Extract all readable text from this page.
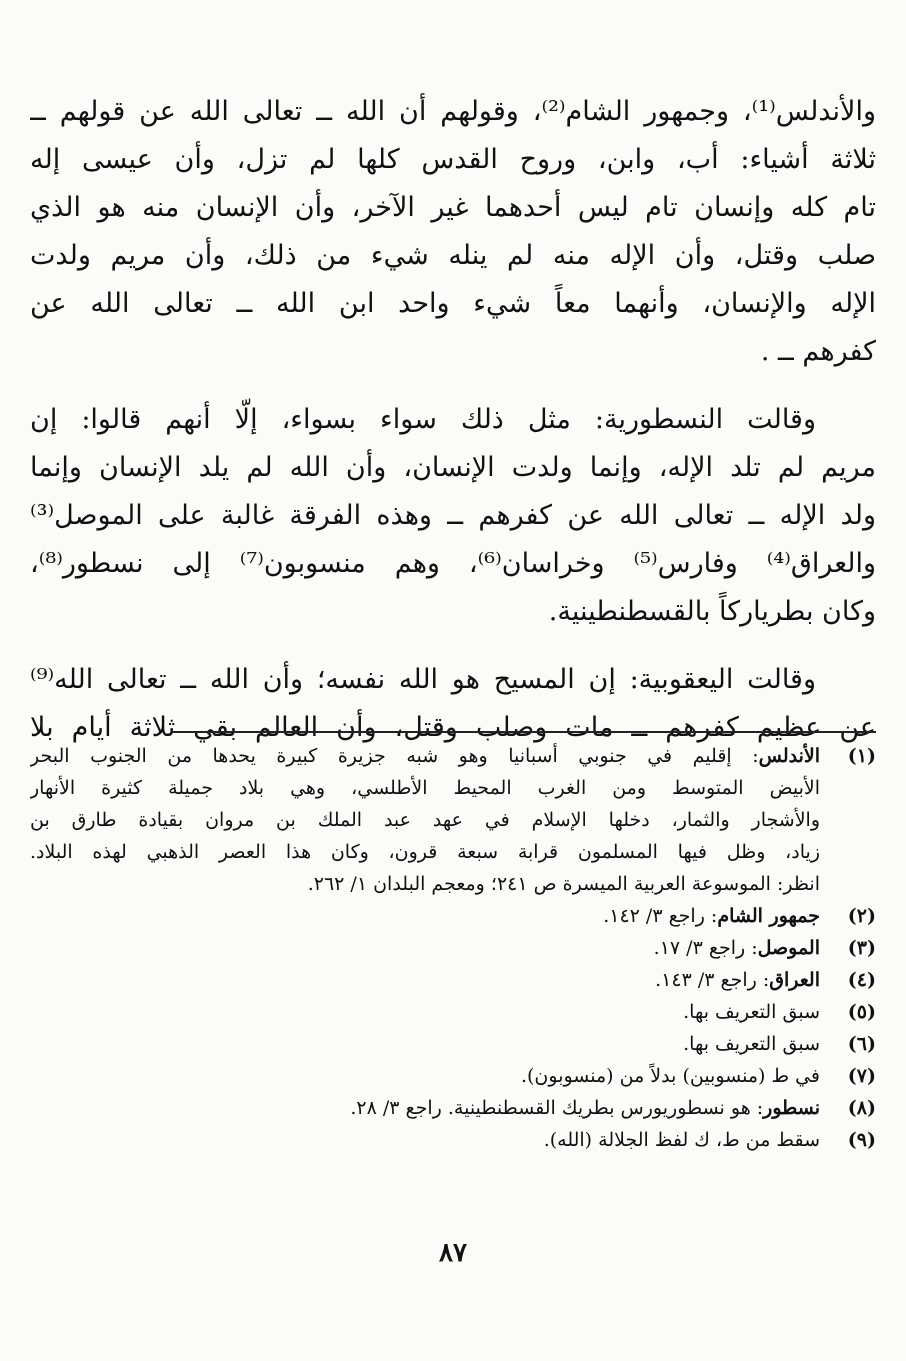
والأندلس⁽¹⁾، وجمهور الشام⁽²⁾، وقولهم أن الله ــ تعالى الله عن قولهم ــ
ثلاثة أشياء: أب، وابن، وروح القدس كلها لم تزل، وأن عيسى إله
تام كله وإنسان تام ليس أحدهما غير الآخر، وأن الإنسان منه هو الذي
صلب وقتل، وأن الإله منه لم ينله شيء من ذلك، وأن مريم ولدت
الإله والإنسان، وأنهما معاً شيء واحد ابن الله ــ تعالى الله عن
كفرهم ــ .
وقالت النسطورية: مثل ذلك سواء بسواء، إلّا أنهم قالوا: إن
مريم لم تلد الإله، وإنما ولدت الإنسان، وأن الله لم يلد الإنسان وإنما
ولد الإله ــ تعالى الله عن كفرهم ــ وهذه الفرقة غالبة على الموصل⁽³⁾
والعراق⁽⁴⁾ وفارس⁽⁵⁾ وخراسان⁽⁶⁾، وهم منسوبون⁽⁷⁾ إلى نسطور⁽⁸⁾،
وكان بطرياركاً بالقسطنطينية.
وقالت اليعقوبية: إن المسيح هو الله نفسه؛ وأن الله ــ تعالى الله⁽⁹⁾
عن عظيم كفرهم ــ مات وصلب وقتل، وأن العالم بقي ثلاثة أيام بلا
(١)
الأندلس: إقليم في جنوبي أسبانيا وهو شبه جزيرة كبيرة يحدها من الجنوب البحر
الأبيض المتوسط ومن الغرب المحيط الأطلسي، وهي بلاد جميلة كثيرة الأنهار
والأشجار والثمار، دخلها الإسلام في عهد عبد الملك بن مروان بقيادة طارق بن
زياد، وظل فيها المسلمون قرابة سبعة قرون، وكان هذا العصر الذهبي لهذه البلاد.
انظر: الموسوعة العربية الميسرة ص ٢٤١؛ ومعجم البلدان ١/ ٢٦٢.
(٢)
جمهور الشام: راجع ٣/ ١٤٢.
(٣)
الموصل: راجع ٣/ ١٧.
(٤)
العراق: راجع ٣/ ١٤٣.
(٥)
سبق التعريف بها.
(٦)
سبق التعريف بها.
(٧)
في ط (منسوبين) بدلاً من (منسوبون).
(٨)
نسطور: هو نسطوريورس بطريك القسطنطينية. راجع ٣/ ٢٨.
(٩)
سقط من ط، ك لفظ الجلالة (الله).
٨٧
